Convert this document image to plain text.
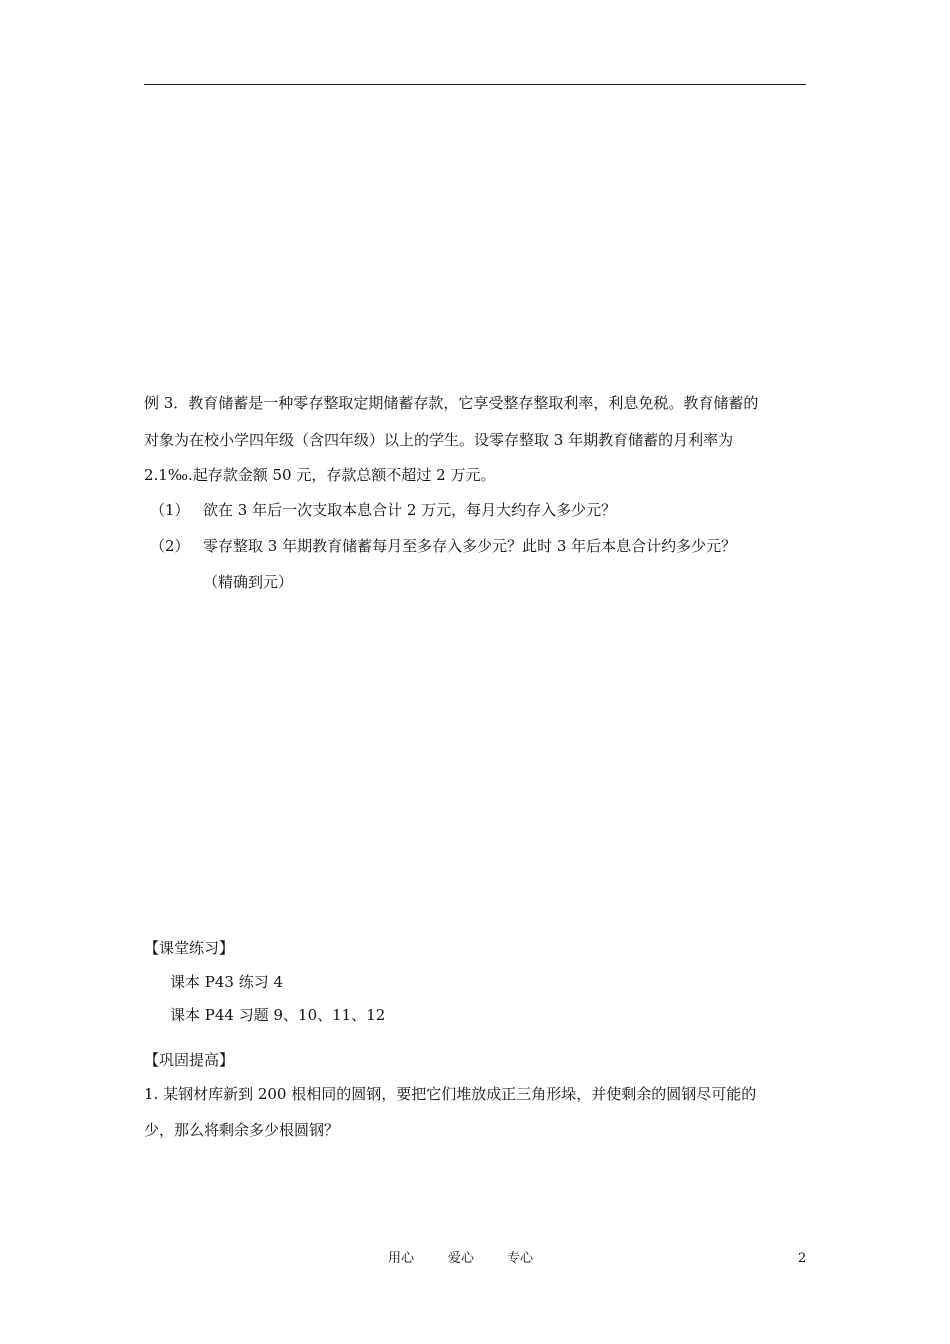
例 3．教育储蓄是一种零存整取定期储蓄存款，它享受整存整取利率，利息免税。教育储蓄的
对象为在校小学四年级（含四年级）以上的学生。设零存整取 3 年期教育储蓄的月利率为
2.1‰.起存款金额 50 元，存款总额不超过 2 万元。
（1） 欲在 3 年后一次支取本息合计 2 万元，每月大约存入多少元？
（2） 零存整取 3 年期教育储蓄每月至多存入多少元？此时 3 年后本息合计约多少元？
（精确到元）
【课堂练习】
课本 P43 练习 4
课本 P44 习题 9、10、11、12
【巩固提高】
1. 某钢材库新到 200 根相同的圆钢，要把它们堆放成正三角形垛，并使剩余的圆钢尽可能的
少，那么将剩余多少根圆钢？
用心	爱心	专心	2
